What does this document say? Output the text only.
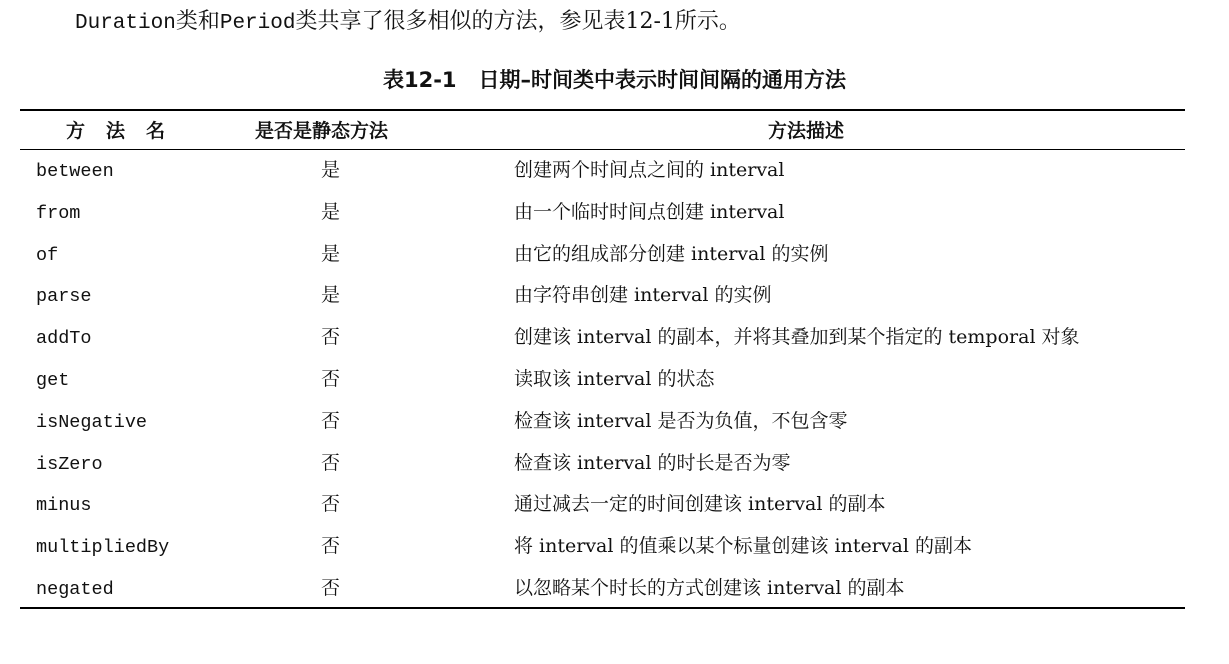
Duration类和Period类共享了很多相似的方法，参见表12-1所示。
表12-1 日期–时间类中表示时间间隔的通用方法
方法名	是否是静态方法	方法描述
between	是	创建两个时间点之间的 interval
from	是	由一个临时时间点创建 interval
of	是	由它的组成部分创建 interval 的实例
parse	是	由字符串创建 interval 的实例
addTo	否	创建该 interval 的副本，并将其叠加到某个指定的 temporal 对象
get	否	读取该 interval 的状态
isNegative	否	检查该 interval 是否为负值，不包含零
isZero	否	检查该 interval 的时长是否为零
minus	否	通过减去一定的时间创建该 interval 的副本
multipliedBy	否	将 interval 的值乘以某个标量创建该 interval 的副本
negated	否	以忽略某个时长的方式创建该 interval 的副本
